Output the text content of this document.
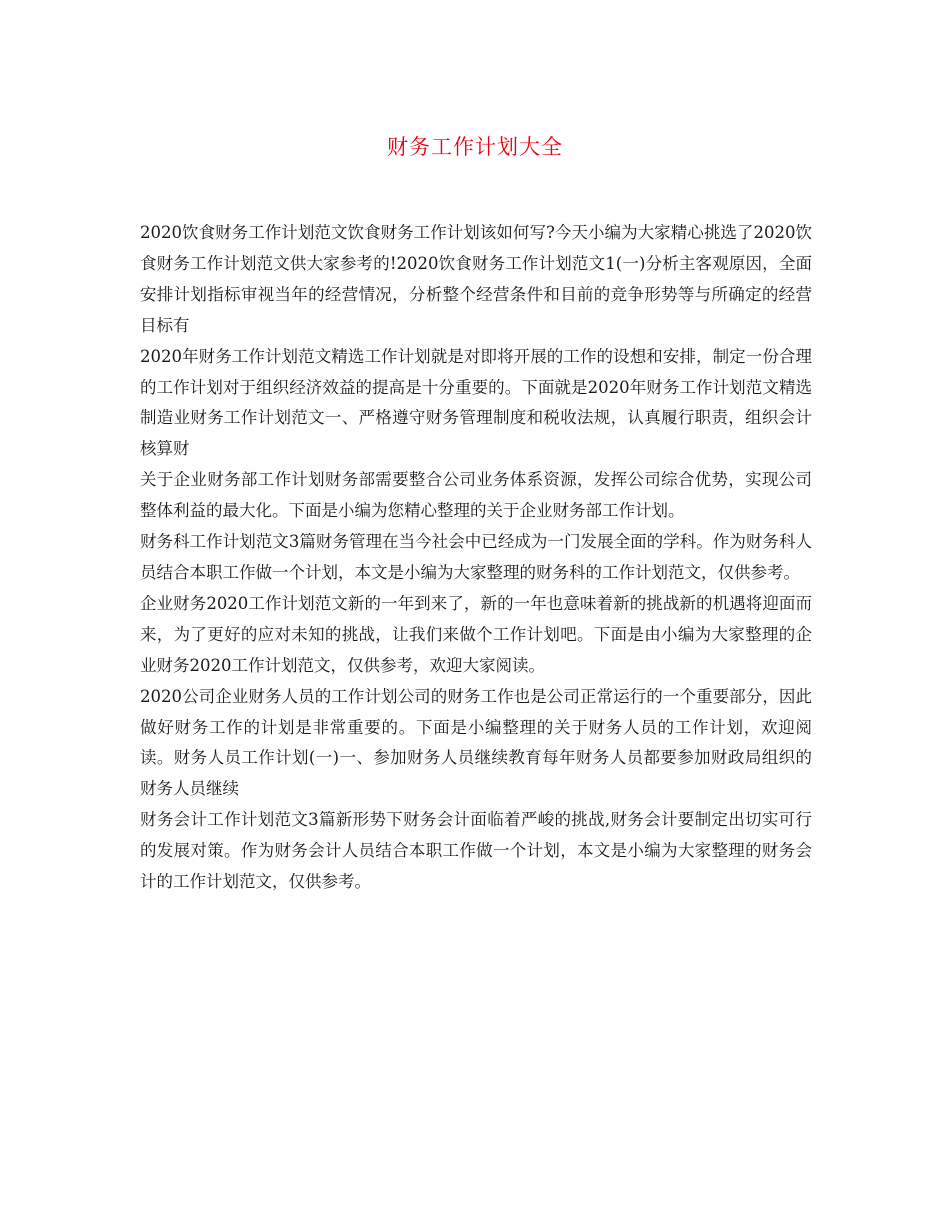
财务工作计划大全

2020饮食财务工作计划范文饮食财务工作计划该如何写?今天小编为大家精心挑选了2020饮食财务工作计划范文供大家参考的!2020饮食财务工作计划范文1(一)分析主客观原因，全面安排计划指标审视当年的经营情况，分析整个经营条件和目前的竞争形势等与所确定的经营目标有

2020年财务工作计划范文精选工作计划就是对即将开展的工作的设想和安排，制定一份合理的工作计划对于组织经济效益的提高是十分重要的。下面就是2020年财务工作计划范文精选制造业财务工作计划范文一、严格遵守财务管理制度和税收法规，认真履行职责，组织会计核算财

关于企业财务部工作计划财务部需要整合公司业务体系资源，发挥公司综合优势，实现公司整体利益的最大化。下面是小编为您精心整理的关于企业财务部工作计划。

财务科工作计划范文3篇财务管理在当今社会中已经成为一门发展全面的学科。作为财务科人员结合本职工作做一个计划，本文是小编为大家整理的财务科的工作计划范文，仅供参考。

企业财务2020工作计划范文新的一年到来了，新的一年也意味着新的挑战新的机遇将迎面而来，为了更好的应对未知的挑战，让我们来做个工作计划吧。下面是由小编为大家整理的企业财务2020工作计划范文，仅供参考，欢迎大家阅读。

2020公司企业财务人员的工作计划公司的财务工作也是公司正常运行的一个重要部分，因此做好财务工作的计划是非常重要的。下面是小编整理的关于财务人员的工作计划，欢迎阅读。财务人员工作计划(一)一、参加财务人员继续教育每年财务人员都要参加财政局组织的财务人员继续

财务会计工作计划范文3篇新形势下财务会计面临着严峻的挑战,财务会计要制定出切实可行的发展对策。作为财务会计人员结合本职工作做一个计划，本文是小编为大家整理的财务会计的工作计划范文，仅供参考。
